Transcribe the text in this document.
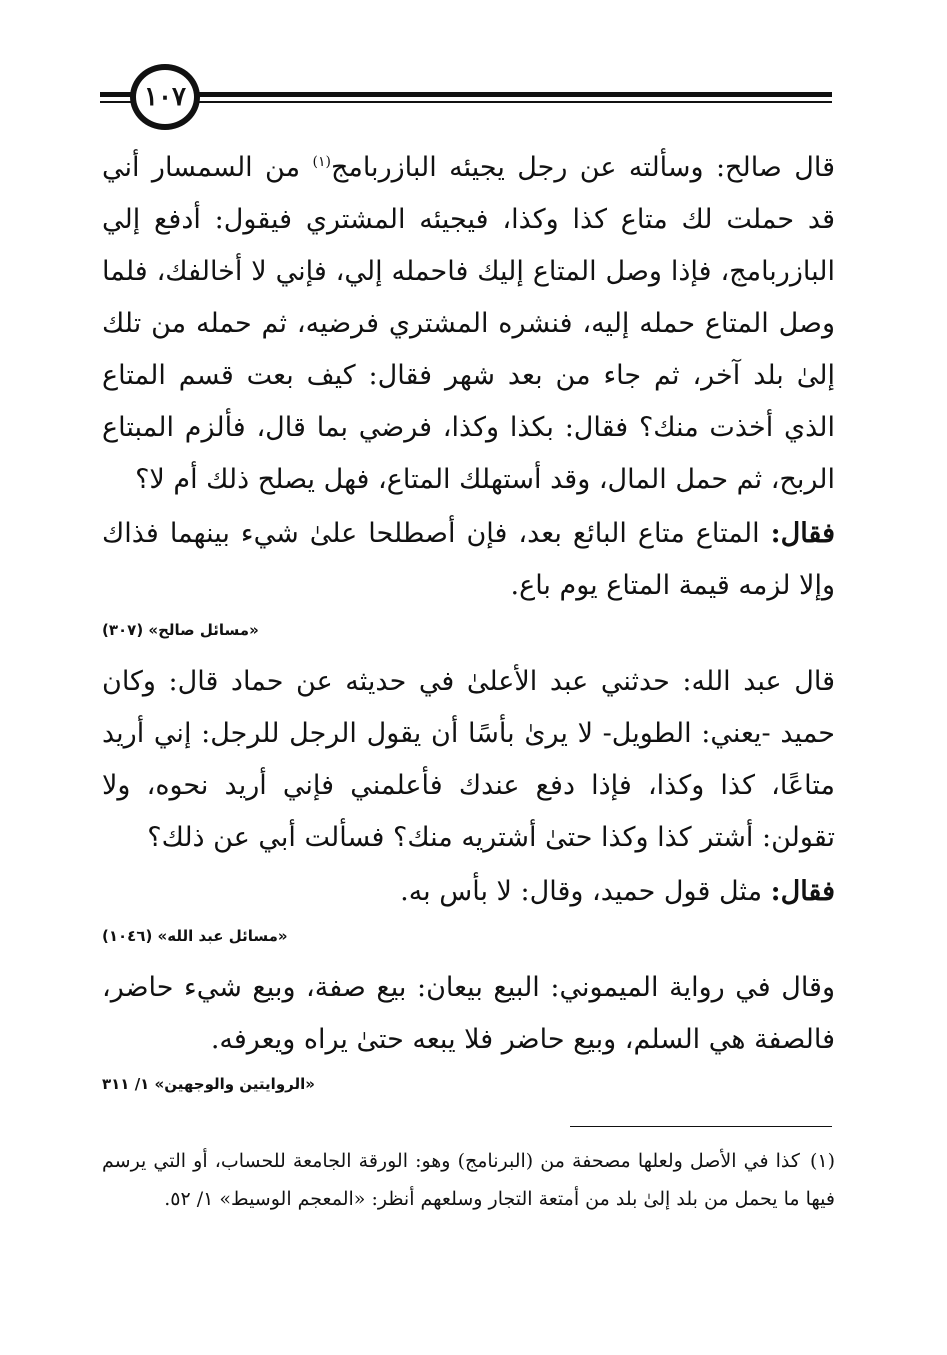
١٠٧

قال صالح: وسألته عن رجل يجيئه البازربامج$^{(١)}$ من السمسار أني قد حملت لك متاع كذا وكذا، فيجيئه المشتري فيقول: أدفع إلي البازربامج، فإذا وصل المتاع إليك فاحمله إلي، فإني لا أخالفك، فلما وصل المتاع حمله إليه، فنشره المشتري فرضيه، ثم حمله من تلك إلىٰ بلد آخر، ثم جاء من بعد شهر فقال: كيف بعت قسم المتاع الذي أخذت منك؟ فقال: بكذا وكذا، فرضي بما قال، فألزم المبتاع الربح، ثم حمل المال، وقد أستهلك المتاع، فهل يصلح ذلك أم لا؟

فقال: المتاع متاع البائع بعد، فإن أصطلحا علىٰ شيء بينهما فذاك وإلا لزمه قيمة المتاع يوم باع.

«مسائل صالح» (٣٠٧)

قال عبد الله: حدثني عبد الأعلىٰ في حديثه عن حماد قال: وكان حميد -يعني: الطويل- لا يرىٰ بأسًا أن يقول الرجل للرجل: إني أريد متاعًا، كذا وكذا، فإذا دفع عندك فأعلمني فإني أريد نحوه، ولا تقولن: أشتر كذا وكذا حتىٰ أشتريه منك؟ فسألت أبي عن ذلك؟

فقال: مثل قول حميد، وقال: لا بأس به.

«مسائل عبد الله» (١٠٤٦)

وقال في رواية الميموني: البيع بيعان: بيع صفة، وبيع شيء حاضر، فالصفة هي السلم، وبيع حاضر فلا يبعه حتىٰ يراه ويعرفه.

«الروايتين والوجهين» ١/ ٣١١
(١)كذا في الأصل ولعلها مصحفة من (البرنامج) وهو: الورقة الجامعة للحساب، أو التي يرسم فيها ما يحمل من بلد إلىٰ بلد من أمتعة التجار وسلعهم أنظر: «المعجم الوسيط» ١/ ٥٢.
